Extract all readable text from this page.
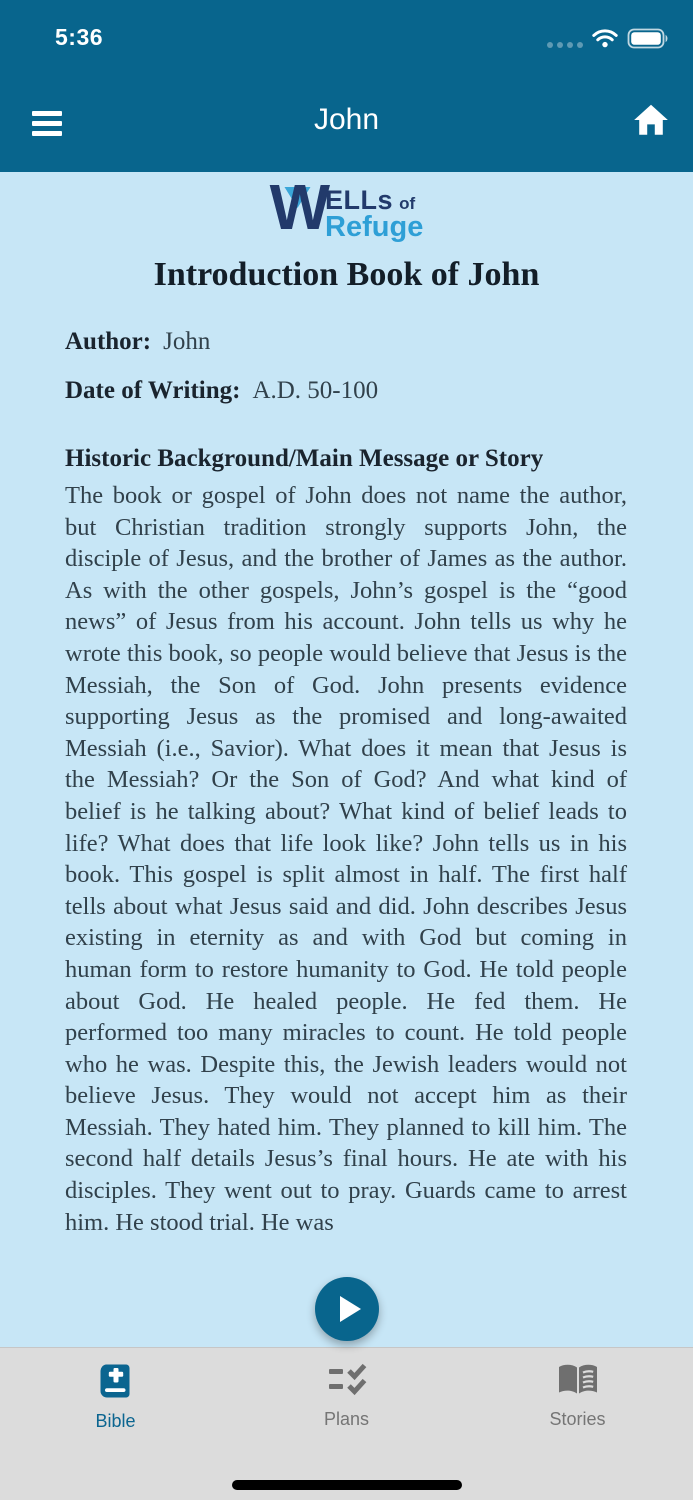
5:36
John
W
ELLs of
Refuge
Introduction Book of John
Author: John
Date of Writing: A.D. 50-100
Historic Background/Main Message or Story

The book or gospel of John does not name the author, but Christian tradition strongly supports John, the disciple of Jesus, and the brother of James as the author. As with the other gospels, John’s gospel is the “good news” of Jesus from his account. John tells us why he wrote this book, so people would believe that Jesus is the Messiah, the Son of God. John presents evidence supporting Jesus as the promised and long-awaited Messiah (i.e., Savior). What does it mean that Jesus is the Messiah? Or the Son of God? And what kind of belief is he talking about? What kind of belief leads to life? What does that life look like? John tells us in his book. This gospel is split almost in half. The first half tells about what Jesus said and did. John describes Jesus existing in eternity as and with God but coming in human form to restore humanity to God. He told people about God. He healed people. He fed them. He performed too many miracles to count. He told people who he was. Despite this, the Jewish leaders would not believe Jesus. They would not accept him as their Messiah. They hated him. They planned to kill him. The second half details Jesus’s final hours. He ate with his disciples. They went out to pray. Guards came to arrest him. He stood trial. He was

Bible	Plans	Stories
